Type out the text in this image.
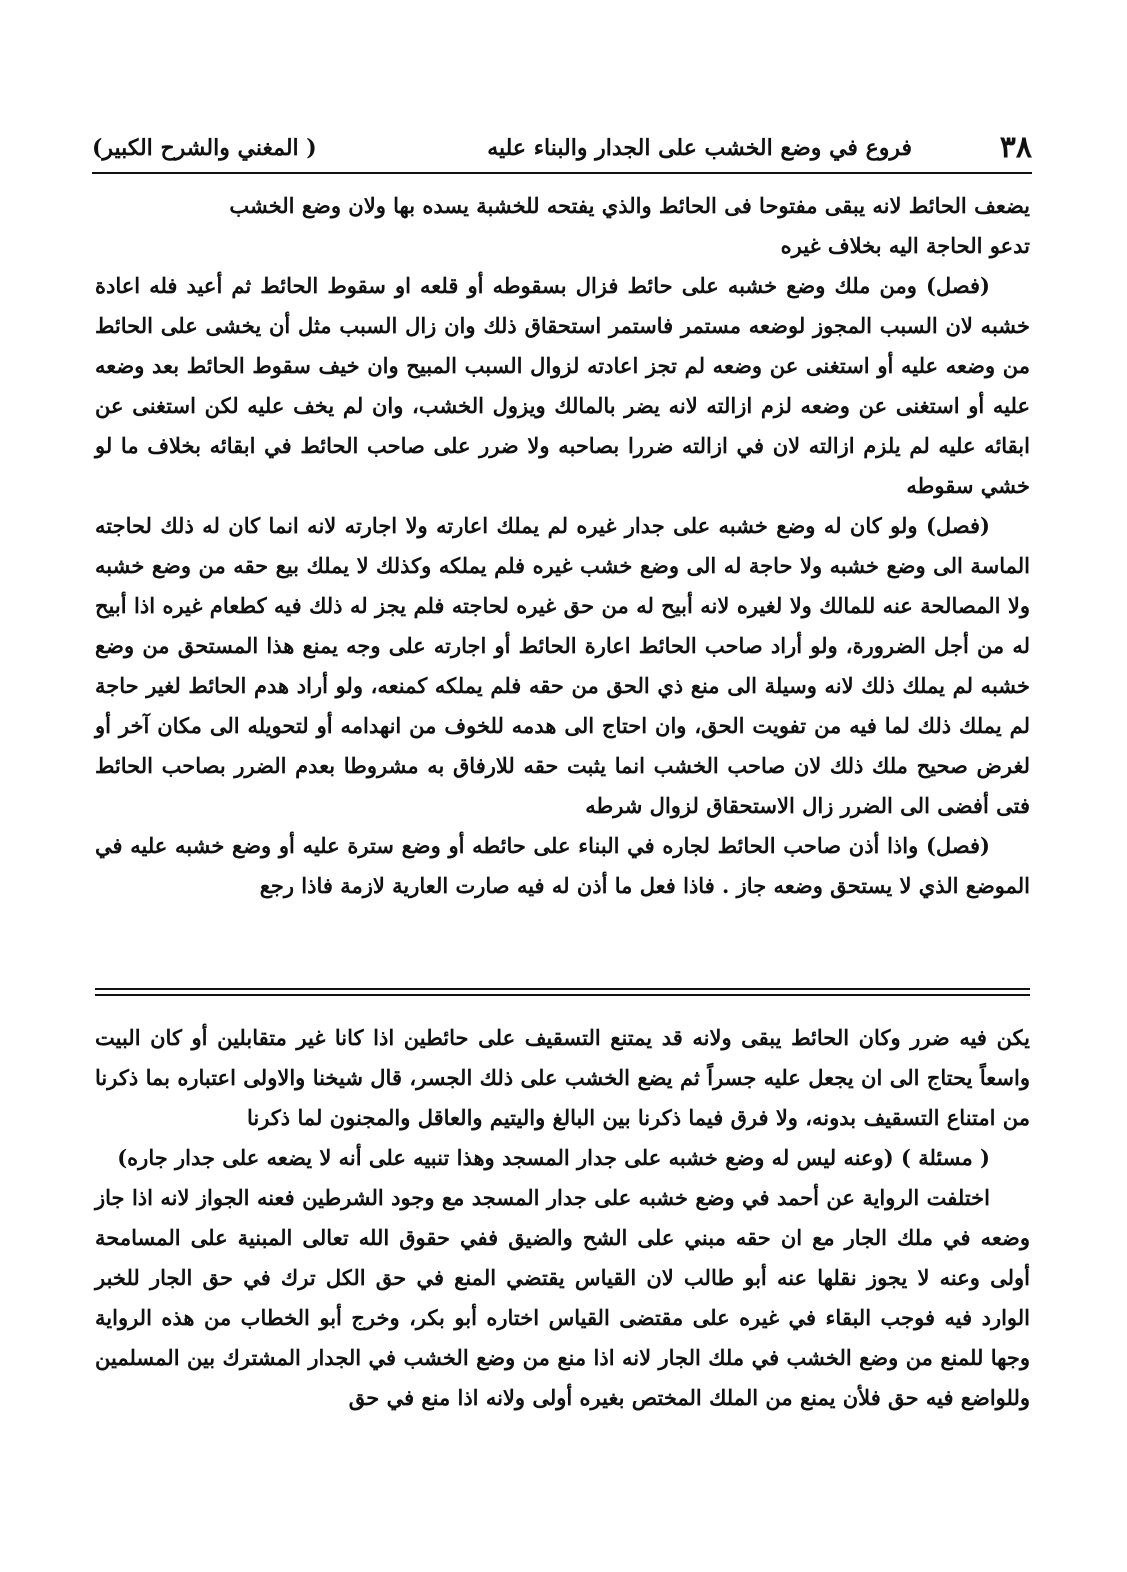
٣٨
فروع في وضع الخشب على الجدار والبناء عليه
( المغني والشرح الكبير)

يضعف الحائط لانه يبقى مفتوحا فى الحائط والذي يفتحه للخشبة يسده بها ولان وضع الخشب

تدعو الحاجة اليه بخلاف غيره

(فصل) ومن ملك وضع خشبه على حائط فزال بسقوطه أو قلعه او سقوط الحائط ثم أعيد فله اعادة خشبه لان السبب المجوز لوضعه مستمر فاستمر استحقاق ذلك وان زال السبب مثل أن يخشى على الحائط من وضعه عليه أو استغنى عن وضعه لم تجز اعادته لزوال السبب المبيح وان خيف سقوط الحائط بعد وضعه عليه أو استغنى عن وضعه لزم ازالته لانه يضر بالمالك ويزول الخشب، وان لم يخف عليه لكن استغنى عن ابقائه عليه لم يلزم ازالته لان في ازالته ضررا بصاحبه ولا ضرر على صاحب الحائط في ابقائه بخلاف ما لو خشي سقوطه

(فصل) ولو كان له وضع خشبه على جدار غيره لم يملك اعارته ولا اجارته لانه انما كان له ذلك لحاجته الماسة الى وضع خشبه ولا حاجة له الى وضع خشب غيره فلم يملكه وكذلك لا يملك بيع حقه من وضع خشبه ولا المصالحة عنه للمالك ولا لغيره لانه أبيح له من حق غيره لحاجته فلم يجز له ذلك فيه كطعام غيره اذا أبيح له من أجل الضرورة، ولو أراد صاحب الحائط اعارة الحائط أو اجارته على وجه يمنع هذا المستحق من وضع خشبه لم يملك ذلك لانه وسيلة الى منع ذي الحق من حقه فلم يملكه كمنعه، ولو أراد هدم الحائط لغير حاجة لم يملك ذلك لما فيه من تفويت الحق، وان احتاج الى هدمه للخوف من انهدامه أو لتحويله الى مكان آخر أو لغرض صحيح ملك ذلك لان صاحب الخشب انما يثبت حقه للارفاق به مشروطا بعدم الضرر بصاحب الحائط فتى أفضى الى الضرر زال الاستحقاق لزوال شرطه

(فصل) واذا أذن صاحب الحائط لجاره في البناء على حائطه أو وضع سترة عليه أو وضع خشبه عليه في الموضع الذي لا يستحق وضعه جاز . فاذا فعل ما أذن له فيه صارت العارية لازمة فاذا رجع

يكن فيه ضرر وكان الحائط يبقى ولانه قد يمتنع التسقيف على حائطين اذا كانا غير متقابلين أو كان البيت واسعاً يحتاج الى ان يجعل عليه جسراً ثم يضع الخشب على ذلك الجسر، قال شيخنا والاولى اعتباره بما ذكرنا من امتناع التسقيف بدونه، ولا فرق فيما ذكرنا بين البالغ واليتيم والعاقل والمجنون لما ذكرنا

( مسئلة ) (وعنه ليس له وضع خشبه على جدار المسجد وهذا تنبيه على أنه لا يضعه على جدار جاره)

اختلفت الرواية عن أحمد في وضع خشبه على جدار المسجد مع وجود الشرطين فعنه الجواز لانه اذا جاز وضعه في ملك الجار مع ان حقه مبني على الشح والضيق ففي حقوق الله تعالى المبنية على المسامحة أولى وعنه لا يجوز نقلها عنه أبو طالب لان القياس يقتضي المنع في حق الكل ترك في حق الجار للخبر الوارد فيه فوجب البقاء في غيره على مقتضى القياس اختاره أبو بكر، وخرج أبو الخطاب من هذه الرواية وجها للمنع من وضع الخشب في ملك الجار لانه اذا منع من وضع الخشب في الجدار المشترك بين المسلمين وللواضع فيه حق فلأن يمنع من الملك المختص بغيره أولى ولانه اذا منع في حق
